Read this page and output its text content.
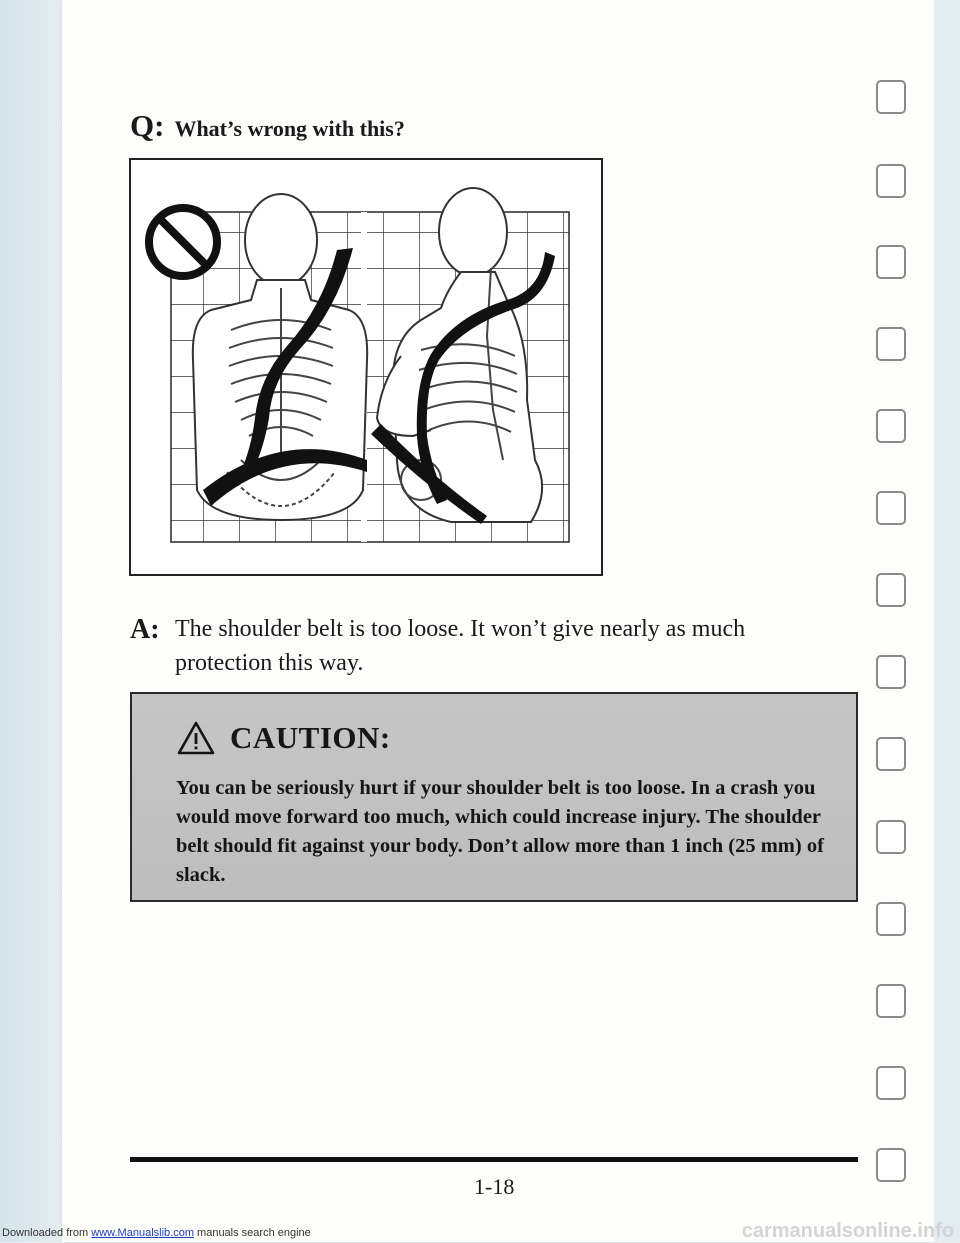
Q: What’s wrong with this?
A: The shoulder belt is too loose. It won’t give nearly as much protection this way.
CAUTION:
You can be seriously hurt if your shoulder belt is too loose. In a crash you would move forward too much, which could increase injury. The shoulder belt should fit against your body. Don’t allow more than 1 inch (25 mm) of slack.
1-18
Downloaded from www.Manualslib.com manuals search engine	carmanualsonline.info
